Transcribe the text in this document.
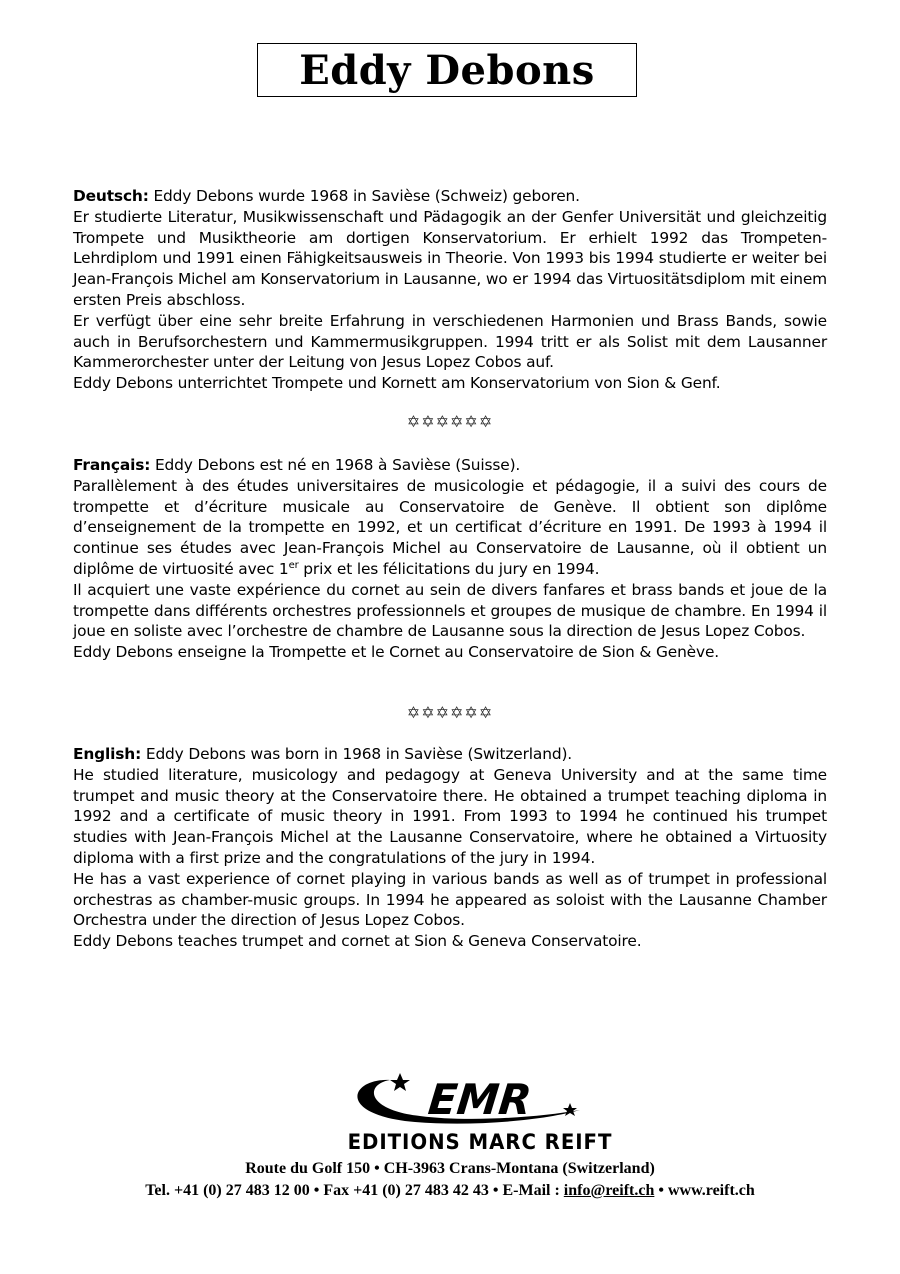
Eddy Debons

Deutsch: Eddy Debons wurde 1968 in Savièse (Schweiz) geboren.

Er studierte Literatur, Musikwissenschaft und Pädagogik an der Genfer Universität und gleichzeitig Trompete und Musiktheorie am dortigen Konservatorium. Er erhielt 1992 das Trompeten-Lehrdiplom und 1991 einen Fähigkeitsausweis in Theorie. Von 1993 bis 1994 studierte er weiter bei Jean-François Michel am Konservatorium in Lausanne, wo er 1994 das Virtuositätsdiplom mit einem ersten Preis abschloss.

Er verfügt über eine sehr breite Erfahrung in verschiedenen Harmonien und Brass Bands, sowie auch in Berufsorchestern und Kammermusikgruppen. 1994 tritt er als Solist mit dem Lausanner Kammerorchester unter der Leitung von Jesus Lopez Cobos auf.

Eddy Debons unterrichtet Trompete und Kornett am Konservatorium von Sion & Genf.

✡✡✡✡✡✡

Français: Eddy Debons est né en 1968 à Savièse (Suisse).

Parallèlement à des études universitaires de musicologie et pédagogie, il a suivi des cours de trompette et d’écriture musicale au Conservatoire de Genève. Il obtient son diplôme d’enseignement de la trompette en 1992, et un certificat d’écriture en 1991. De 1993 à 1994 il continue ses études avec Jean-François Michel au Conservatoire de Lausanne, où il obtient un diplôme de virtuosité avec 1er prix et les félicitations du jury en 1994.

Il acquiert une vaste expérience du cornet au sein de divers fanfares et brass bands et joue de la trompette dans différents orchestres professionnels et groupes de musique de chambre. En 1994 il joue en soliste avec l’orchestre de chambre de Lausanne sous la direction de Jesus Lopez Cobos.

Eddy Debons enseigne la Trompette et le Cornet au Conservatoire de Sion & Genève.

✡✡✡✡✡✡

English: Eddy Debons was born in 1968 in Savièse (Switzerland).

He studied literature, musicology and pedagogy at Geneva University and at the same time trumpet and music theory at the Conservatoire there. He obtained a trumpet teaching diploma in 1992 and a certificate of music theory in 1991. From 1993 to 1994 he continued his trumpet studies with Jean-François Michel at the Lausanne Conservatoire, where he obtained a Virtuosity diploma with a first prize and the congratulations of the jury in 1994.

He has a vast experience of cornet playing in various bands as well as of trumpet in professional orchestras as chamber-music groups. In 1994 he appeared as soloist with the Lausanne Chamber Orchestra under the direction of Jesus Lopez Cobos.

Eddy Debons teaches trumpet and cornet at Sion & Geneva Conservatoire.

EMR
EDITIONS MARC REIFT
Route du Golf 150 • CH-3963 Crans-Montana (Switzerland)
Tel. +41 (0) 27 483 12 00 • Fax +41 (0) 27 483 42 43 • E-Mail : info@reift.ch • www.reift.ch
